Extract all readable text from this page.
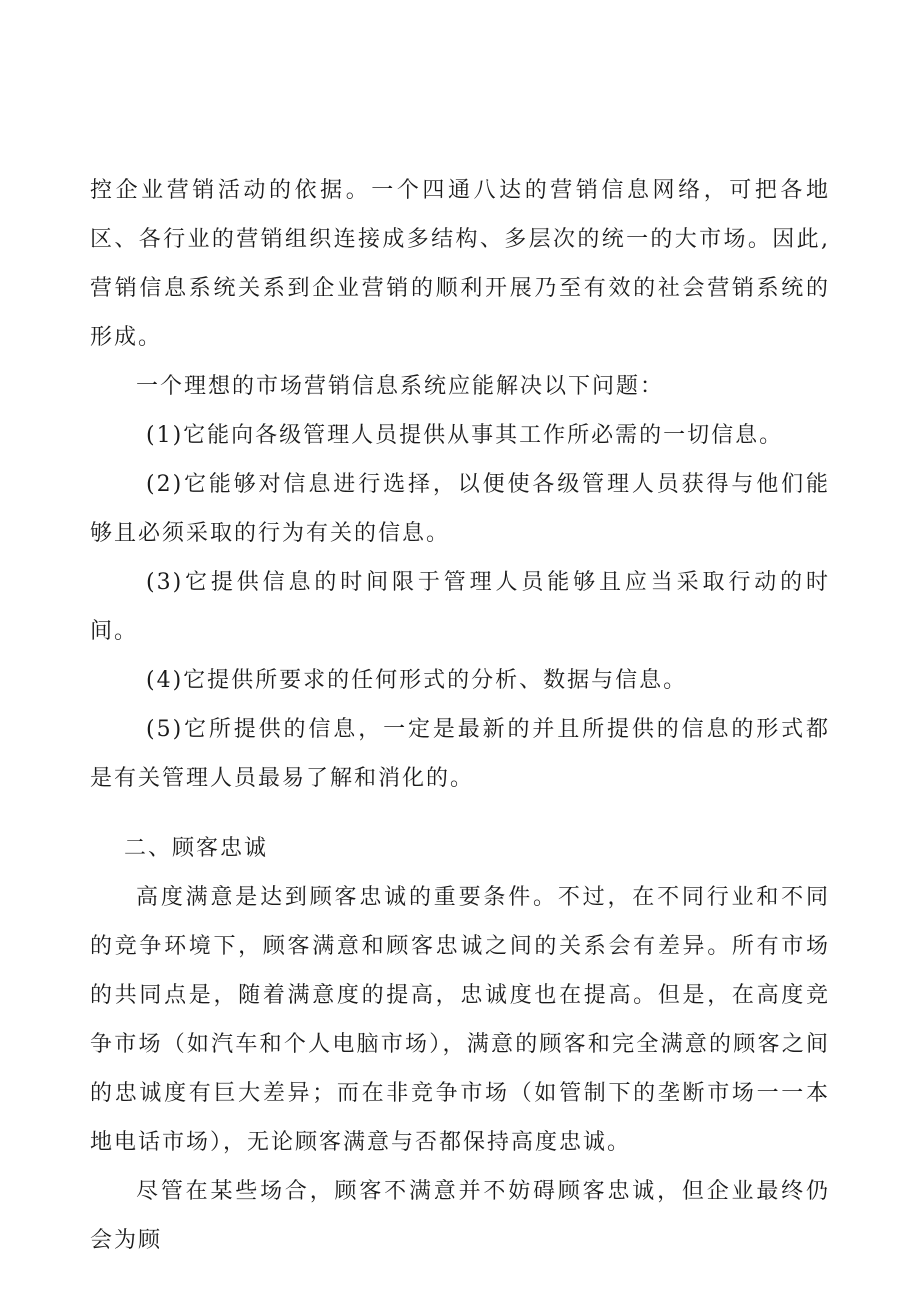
控企业营销活动的依据。一个四通八达的营销信息网络，可把各地区、各行业的营销组织连接成多结构、多层次的统一的大市场。因此,营销信息系统关系到企业营销的顺利开展乃至有效的社会营销系统的形成。

一个理想的市场营销信息系统应能解决以下问题：

(1)它能向各级管理人员提供从事其工作所必需的一切信息。

(2)它能够对信息进行选择，以便使各级管理人员获得与他们能够且必须采取的行为有关的信息。

(3)它提供信息的时间限于管理人员能够且应当采取行动的时间。

(4)它提供所要求的任何形式的分析、数据与信息。

(5)它所提供的信息，一定是最新的并且所提供的信息的形式都是有关管理人员最易了解和消化的。

二、顾客忠诚

高度满意是达到顾客忠诚的重要条件。不过，在不同行业和不同的竞争环境下，顾客满意和顾客忠诚之间的关系会有差异。所有市场的共同点是，随着满意度的提高，忠诚度也在提高。但是，在高度竞争市场（如汽车和个人电脑市场），满意的顾客和完全满意的顾客之间的忠诚度有巨大差异；而在非竞争市场（如管制下的垄断市场一一本地电话市场），无论顾客满意与否都保持高度忠诚。

尽管在某些场合，顾客不满意并不妨碍顾客忠诚，但企业最终仍会为顾
